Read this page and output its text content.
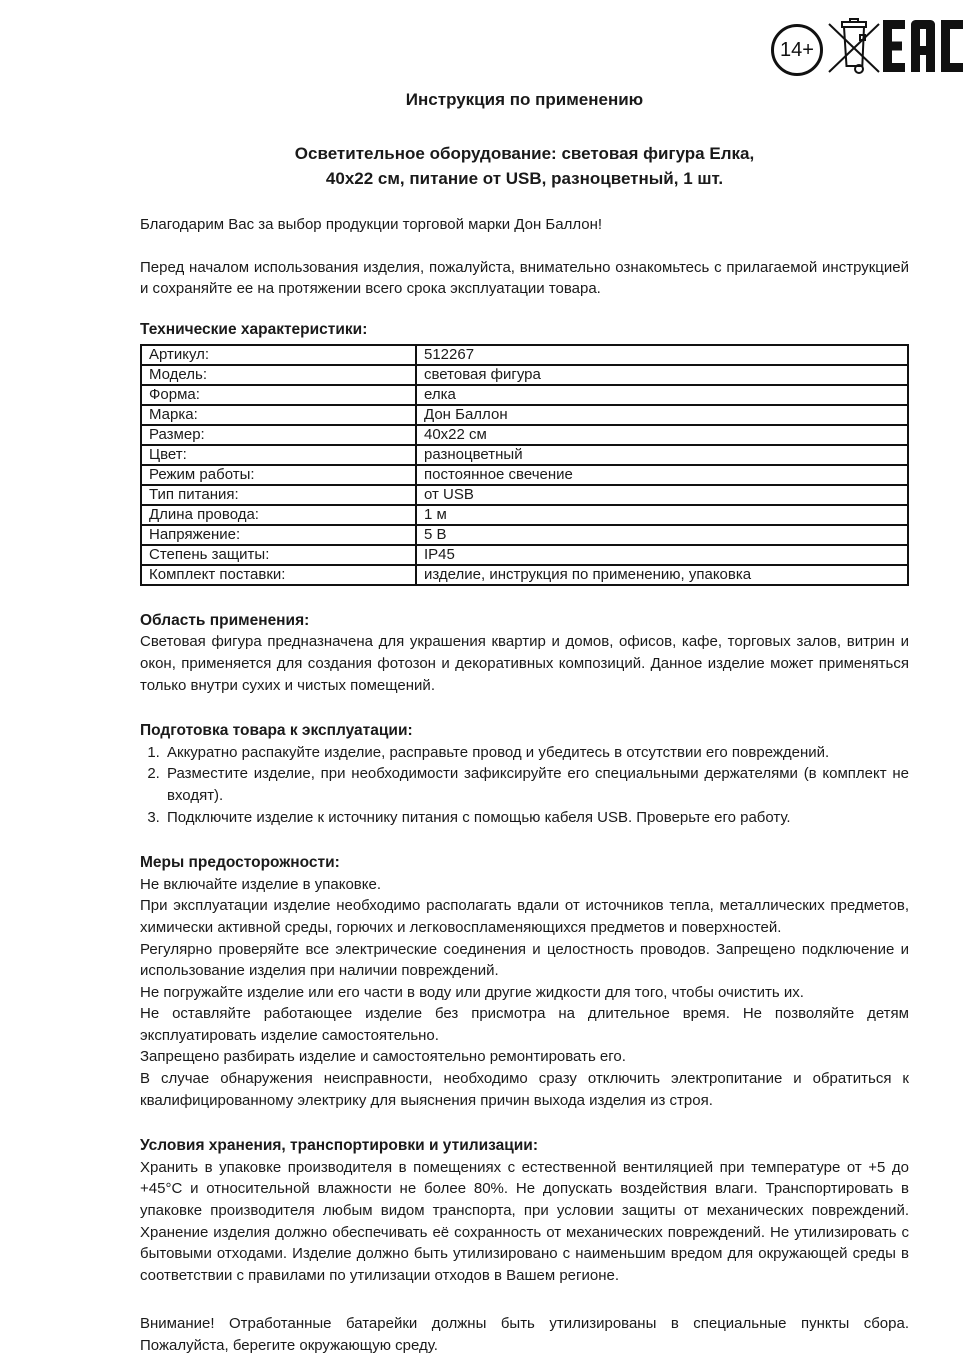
14+
Инструкция по применению
Осветительное оборудование: световая фигура Елка,
40х22 см, питание от USB, разноцветный, 1 шт.

Благодарим Вас за выбор продукции торговой марки Дон Баллон!

Перед началом использования изделия, пожалуйста, внимательно ознакомьтесь с прилагаемой инструкцией и сохраняйте ее на протяжении всего срока эксплуатации товара.

Технические характеристики:
Артикул:	512267
Модель:	световая фигура
Форма:	елка
Марка:	Дон Баллон
Размер:	40х22 см
Цвет:	разноцветный
Режим работы:	постоянное свечение
Тип питания:	от USB
Длина провода:	1 м
Напряжение:	5 В
Степень защиты:	IP45
Комплект поставки:	изделие, инструкция по применению, упаковка
Область применения:

Световая фигура предназначена для украшения квартир и домов, офисов, кафе, торговых залов, витрин и окон, применяется для создания фотозон и декоративных композиций. Данное изделие может применяться только внутри сухих и чистых помещений.

Подготовка товара к эксплуатации:
1. Аккуратно распакуйте изделие, расправьте провод и убедитесь в отсутствии его повреждений.
2. Разместите изделие, при необходимости зафиксируйте его специальными держателями (в комплект не входят).
3. Подключите изделие к источнику питания с помощью кабеля USB. Проверьте его работу.
Меры предосторожности:

Не включайте изделие в упаковке.

При эксплуатации изделие необходимо располагать вдали от источников тепла, металлических предметов, химически активной среды, горючих и легковоспламеняющихся предметов и поверхностей.

Регулярно проверяйте все электрические соединения и целостность проводов. Запрещено подключение и использование изделия при наличии повреждений.

Не погружайте изделие или его части в воду или другие жидкости для того, чтобы очистить их.

Не оставляйте работающее изделие без присмотра на длительное время. Не позволяйте детям эксплуатировать изделие самостоятельно.

Запрещено разбирать изделие и самостоятельно ремонтировать его.

В случае обнаружения неисправности, необходимо сразу отключить электропитание и обратиться к квалифицированному электрику для выяснения причин выхода изделия из строя.

Условия хранения, транспортировки и утилизации:

Хранить в упаковке производителя в помещениях с естественной вентиляцией при температуре от +5 до +45°С и относительной влажности не более 80%. Не допускать воздействия влаги. Транспортировать в упаковке производителя любым видом транспорта, при условии защиты от механических повреждений. Хранение изделия должно обеспечивать её сохранность от механических повреждений. Не утилизировать с бытовыми отходами. Изделие должно быть утилизировано с наименьшим вредом для окружающей среды в соответствии с правилами по утилизации отходов в Вашем регионе.

Внимание! Отработанные батарейки должны быть утилизированы в специальные пункты сбора. Пожалуйста, берегите окружающую среду.
